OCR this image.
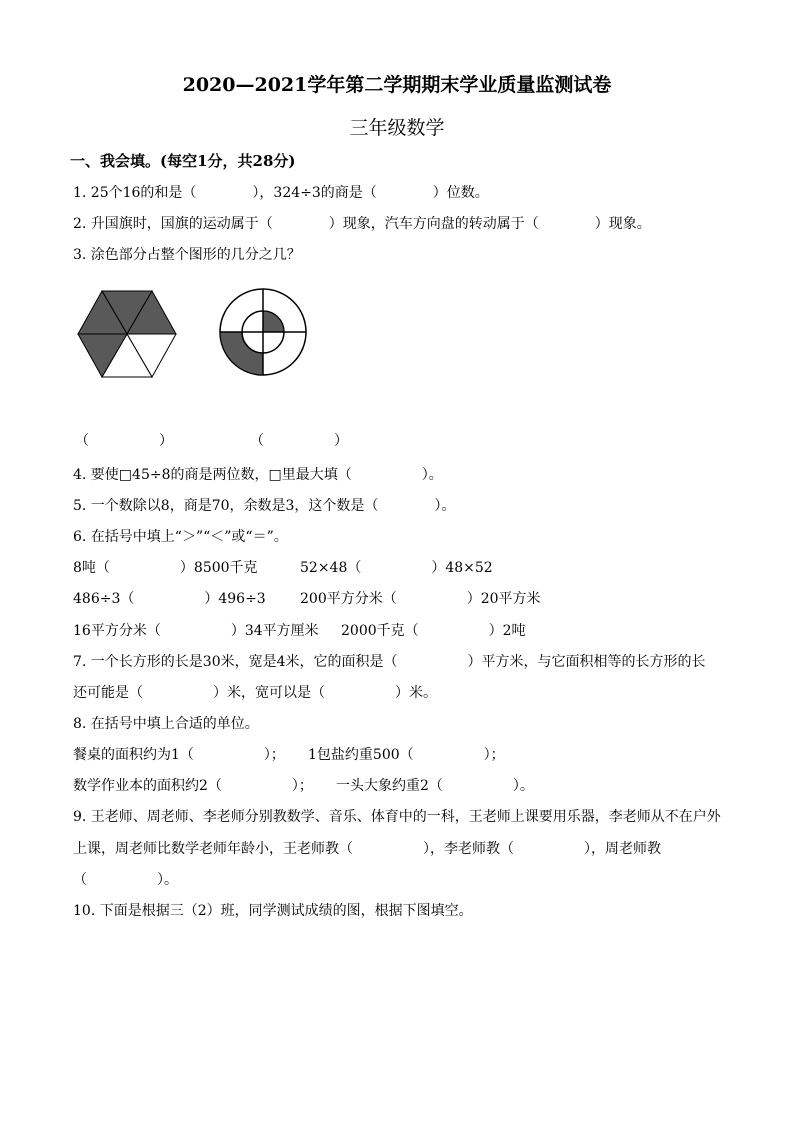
2020—2021学年第二学期期末学业质量监测试卷
三年级数学
一、我会填。(每空1分，共28分)
1. 25个16的和是（　　　　），324÷3的商是（　　　　）位数。
2. 升国旗时，国旗的运动属于（　　　　）现象，汽车方向盘的转动属于（　　　　）现象。
3. 涂色部分占整个图形的几分之几？
（　　　　　）	（　　　　　）
4. 要使□45÷8的商是两位数，□里最大填（　　　　　）。
5. 一个数除以8，商是70，余数是3，这个数是（　　　　）。
6. 在括号中填上“＞”“＜”或“＝”。
8吨（　　　　　）8500千克	52×48（　　　　　）48×52
486÷3（　　　　　）496÷3 200平方分米（　　　　　）20平方米
16平方分米（　　　　　）34平方厘米 2000千克（　　　　　）2吨
7. 一个长方形的长是30米，宽是4米，它的面积是（　　　　　）平方米，与它面积相等的长方形的长
还可能是（　　　　　）米，宽可以是（　　　　　）米。
8. 在括号中填上合适的单位。
餐桌的面积约为1（　　　　　）； 1包盐约重500（　　　　　）；
数学作业本的面积约2（　　　　　）； 一头大象约重2（　　　　　）。
9. 王老师、周老师、李老师分别教数学、音乐、体育中的一科，王老师上课要用乐器，李老师从不在户外
上课，周老师比数学老师年龄小，王老师教（　　　　　），李老师教（　　　　　），周老师教
（　　　　　）。
10. 下面是根据三（2）班，同学测试成绩的图，根据下图填空。
